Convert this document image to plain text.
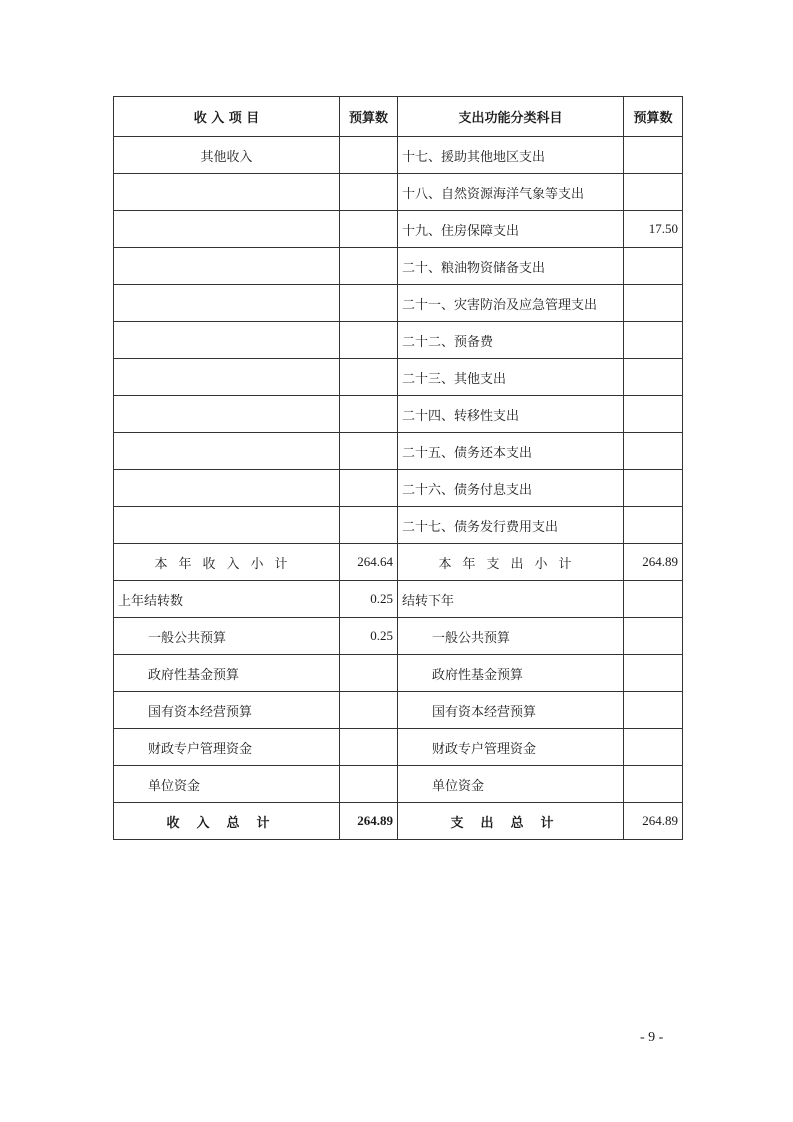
收 入 项 目	预算数	支出功能分类科目	预算数
其他收入		十七、援助其他地区支出	
		十八、自然资源海洋气象等支出	
		十九、住房保障支出	17.50
		二十、粮油物资储备支出	
		二十一、灾害防治及应急管理支出	
		二十二、预备费	
		二十三、其他支出	
		二十四、转移性支出	
		二十五、债务还本支出	
		二十六、债务付息支出	
		二十七、债务发行费用支出	
本年收入小计	264.64	本年支出小计	264.89
上年结转数	0.25	结转下年	
一般公共预算	0.25	一般公共预算	
政府性基金预算		政府性基金预算	
国有资本经营预算		国有资本经营预算	
财政专户管理资金		财政专户管理资金	
单位资金		单位资金	
收入总计	264.89	支出总计	264.89
- 9 -
